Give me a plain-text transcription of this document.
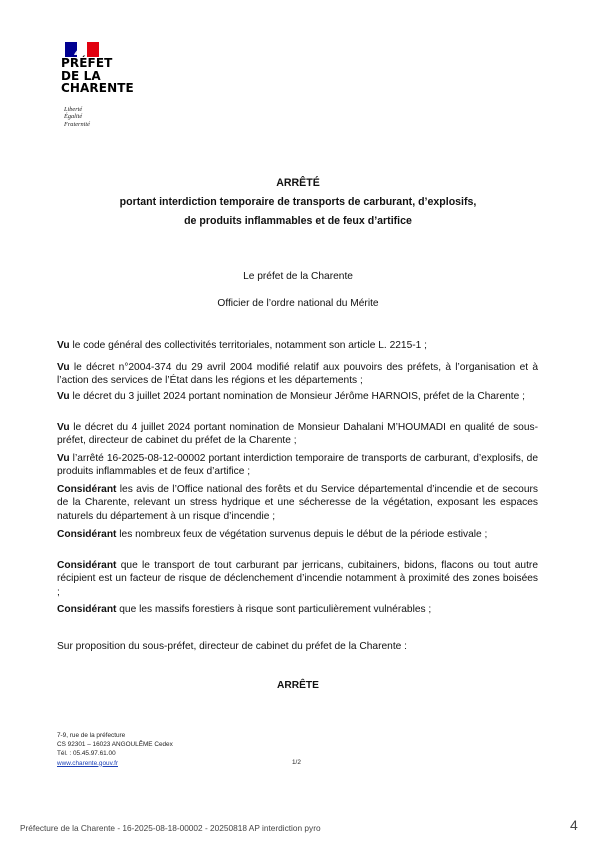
PRÉFET
DE LA
CHARENTE
Liberté
Égalité
Fraternité
ARRÊTÉ
portant interdiction temporaire de transports de carburant, d’explosifs,
de produits inflammables et de feux d’artifice
Le préfet de la Charente
Officier de l’ordre national du Mérite
Vu le code général des collectivités territoriales, notamment son article L. 2215-1 ;
Vu le décret n°2004-374 du 29 avril 2004 modifié relatif aux pouvoirs des préfets, à l’organisation et à l’action des services de l’État dans les régions et les départements ;
Vu le décret du 3 juillet 2024 portant nomination de Monsieur Jérôme HARNOIS, préfet de la Charente ;
Vu le décret du 4 juillet 2024 portant nomination de Monsieur Dahalani M’HOUMADI en qualité de sous-préfet, directeur de cabinet du préfet de la Charente ;
Vu l’arrêté 16-2025-08-12-00002 portant interdiction temporaire de transports de carburant, d’explosifs, de produits inflammables et de feux d’artifice ;
Considérant les avis de l’Office national des forêts et du Service départemental d’incendie et de secours de la Charente, relevant un stress hydrique et une sécheresse de la végétation, exposant les espaces naturels du département à un risque d’incendie ;
Considérant les nombreux feux de végétation survenus depuis le début de la période estivale ;
Considérant que le transport de tout carburant par jerricans, cubitainers, bidons, flacons ou tout autre récipient est un facteur de risque de déclenchement d’incendie notamment à proximité des zones boisées ;
Considérant que les massifs forestiers à risque sont particulièrement vulnérables ;
Sur proposition du sous-préfet, directeur de cabinet du préfet de la Charente :
ARRÊTE
7-9, rue de la préfecture
CS 92301 – 16023 ANGOULÊME Cedex
Tél. : 05.45.97.61.00
www.charente.gouv.fr	1/2
Préfecture de la Charente - 16-2025-08-18-00002 - 20250818 AP interdiction pyro	4
